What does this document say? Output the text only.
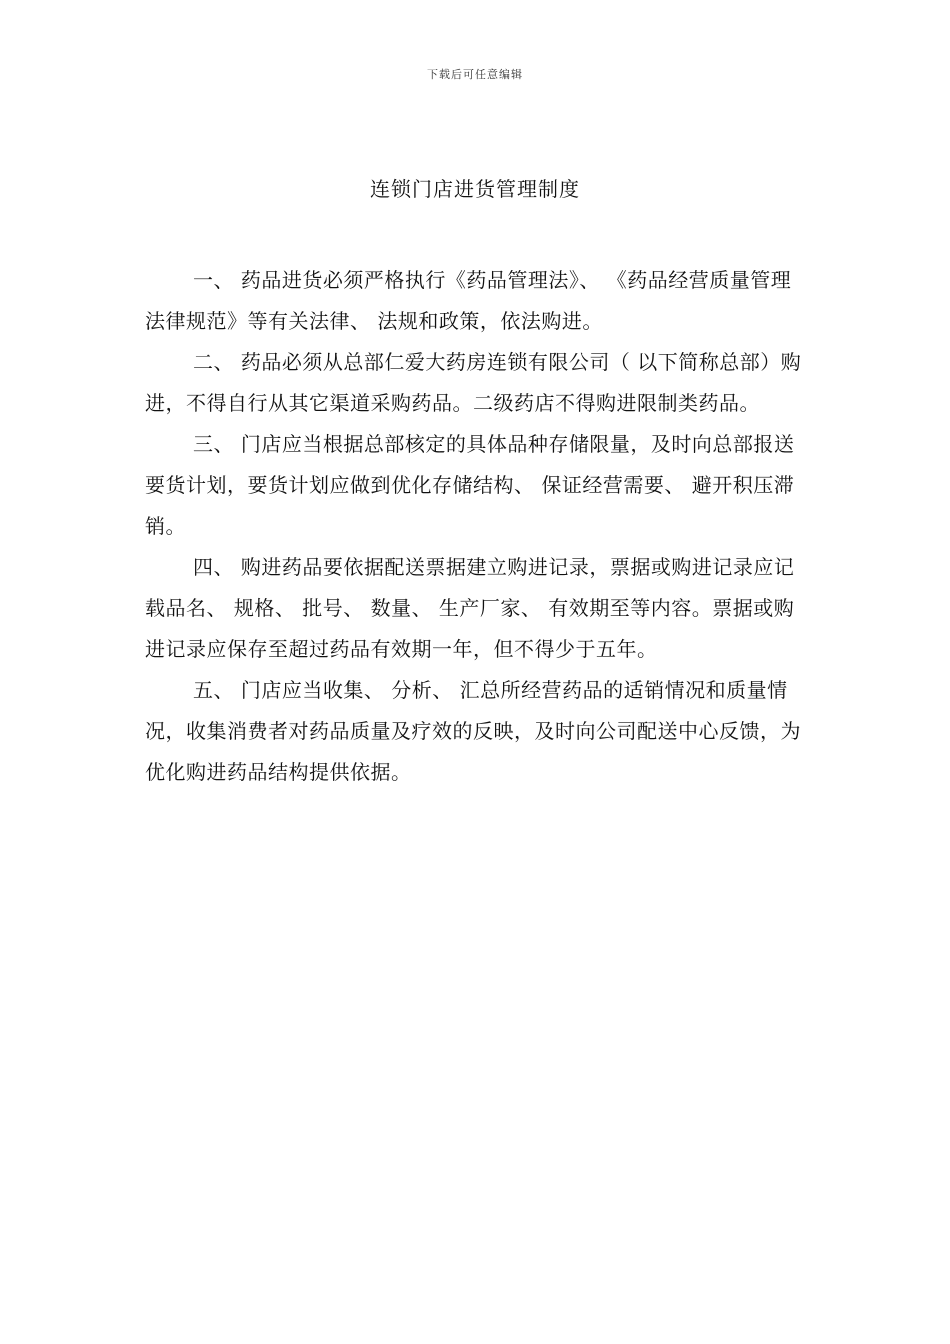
下载后可任意编辑
连锁门店进货管理制度

一、 药品进货必须严格执行《药品管理法》、 《药品经营质量管理法律规范》等有关法律、 法规和政策，依法购进。

二、 药品必须从总部仁爱大药房连锁有限公司（ 以下简称总部）购进，不得自行从其它渠道采购药品。二级药店不得购进限制类药品。

三、 门店应当根据总部核定的具体品种存储限量，及时向总部报送要货计划，要货计划应做到优化存储结构、 保证经营需要、 避开积压滞销。

四、 购进药品要依据配送票据建立购进记录，票据或购进记录应记载品名、 规格、 批号、 数量、 生产厂家、 有效期至等内容。票据或购进记录应保存至超过药品有效期一年，但不得少于五年。

五、 门店应当收集、 分析、 汇总所经营药品的适销情况和质量情况，收集消费者对药品质量及疗效的反映，及时向公司配送中心反馈，为优化购进药品结构提供依据。
